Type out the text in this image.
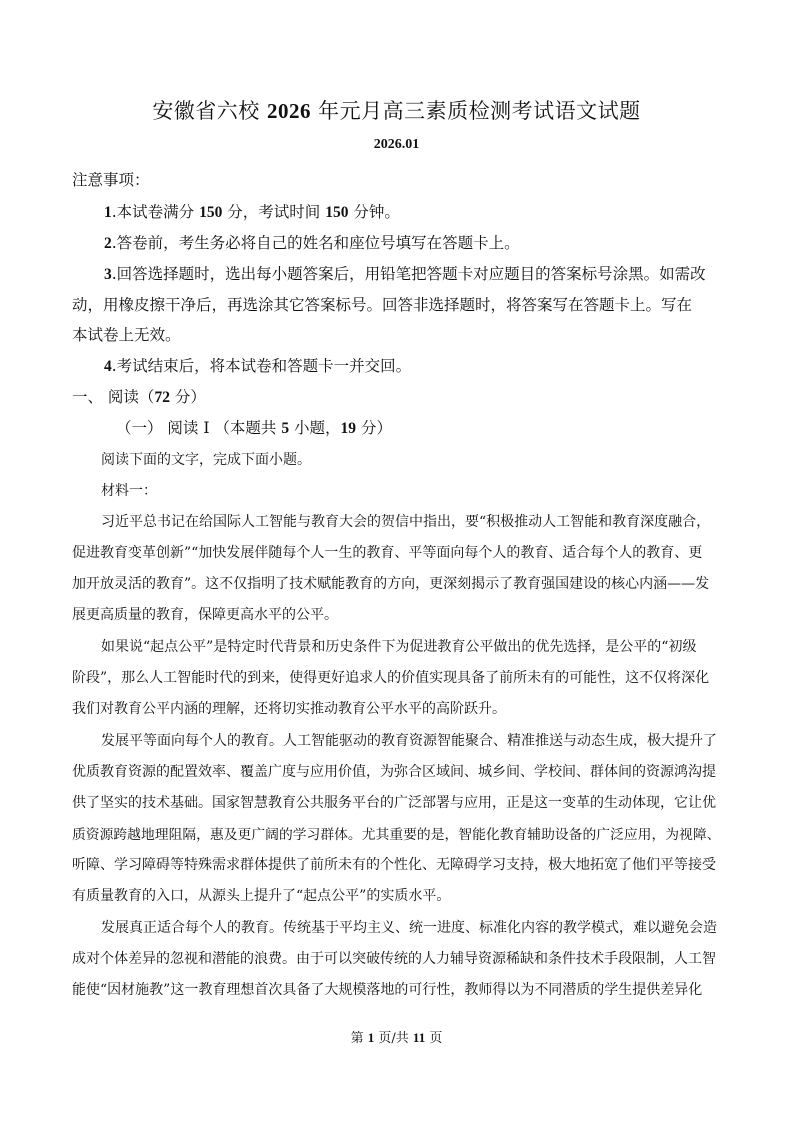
安徽省六校 2026 年元月高三素质检测考试语文试题
2026.01
注意事项：
1.本试卷满分 150 分，考试时间 150 分钟。
2.答卷前，考生务必将自己的姓名和座位号填写在答题卡上。
3.回答选择题时，选出每小题答案后，用铅笔把答题卡对应题目的答案标号涂黑。如需改
动，用橡皮擦干净后，再选涂其它答案标号。回答非选择题时，将答案写在答题卡上。写在
本试卷上无效。
4.考试结束后，将本试卷和答题卡一并交回。
一、 阅读（72 分）
（一） 阅读 Ⅰ （本题共 5 小题，19 分）
阅读下面的文字，完成下面小题。
材料一：
习近平总书记在给国际人工智能与教育大会的贺信中指出，要“积极推动人工智能和教育深度融合，
促进教育变革创新”“加快发展伴随每个人一生的教育、平等面向每个人的教育、适合每个人的教育、更
加开放灵活的教育”。这不仅指明了技术赋能教育的方向，更深刻揭示了教育强国建设的核心内涵——发
展更高质量的教育，保障更高水平的公平。
如果说“起点公平”是特定时代背景和历史条件下为促进教育公平做出的优先选择，是公平的“初级
阶段”，那么人工智能时代的到来，使得更好追求人的价值实现具备了前所未有的可能性，这不仅将深化
我们对教育公平内涵的理解，还将切实推动教育公平水平的高阶跃升。
发展平等面向每个人的教育。人工智能驱动的教育资源智能聚合、精准推送与动态生成，极大提升了
优质教育资源的配置效率、覆盖广度与应用价值，为弥合区域间、城乡间、学校间、群体间的资源鸿沟提
供了坚实的技术基础。国家智慧教育公共服务平台的广泛部署与应用，正是这一变革的生动体现，它让优
质资源跨越地理阻隔，惠及更广阔的学习群体。尤其重要的是，智能化教育辅助设备的广泛应用，为视障、
听障、学习障碍等特殊需求群体提供了前所未有的个性化、无障碍学习支持，极大地拓宽了他们平等接受
有质量教育的入口，从源头上提升了“起点公平”的实质水平。
发展真正适合每个人的教育。传统基于平均主义、统一进度、标准化内容的教学模式，难以避免会造
成对个体差异的忽视和潜能的浪费。由于可以突破传统的人力辅导资源稀缺和条件技术手段限制，人工智
能使“因材施教”这一教育理想首次具备了大规模落地的可行性，教师得以为不同潜质的学生提供差异化
第 1 页/共 11 页
